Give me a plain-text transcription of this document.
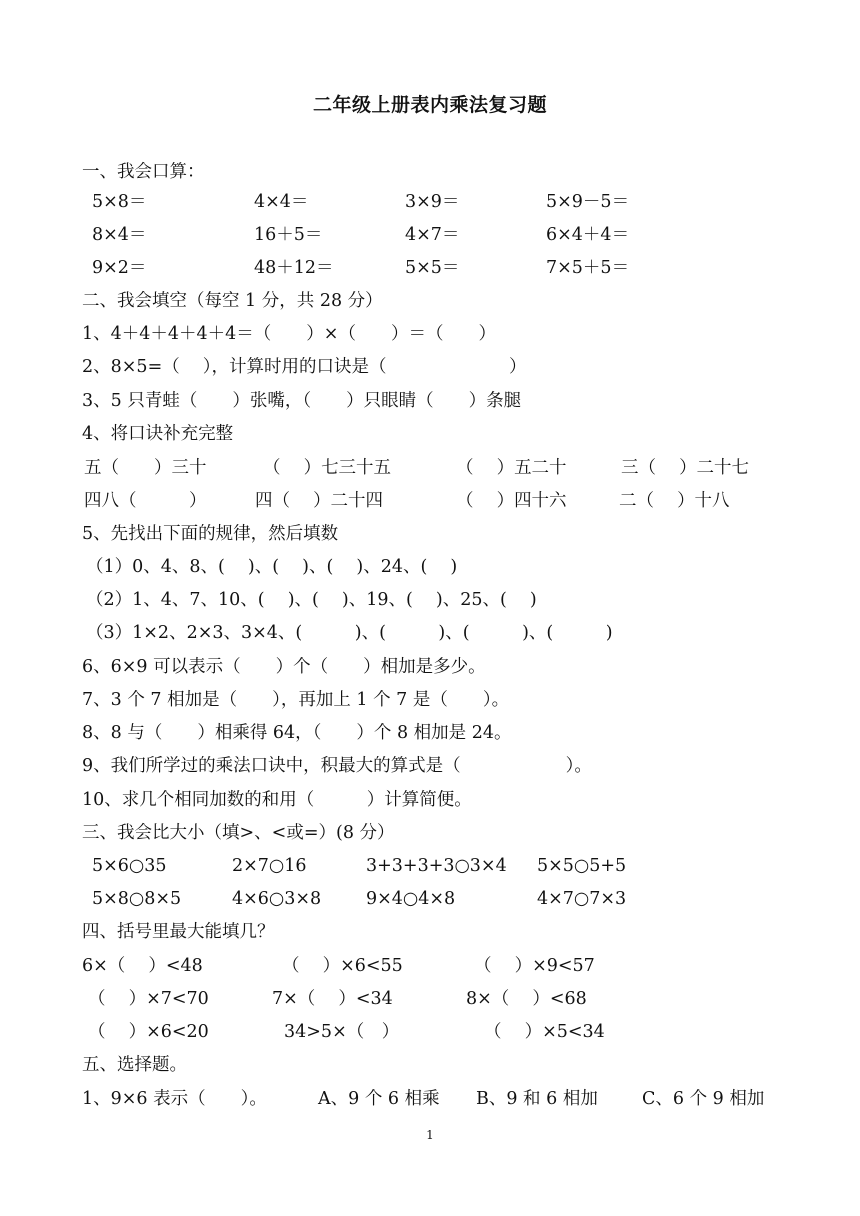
二年级上册表内乘法复习题
一、我会口算：
5×8＝	4×4＝	3×9＝	5×9－5＝
8×4＝	16＋5＝	4×7＝	6×4＋4＝
9×2＝	48＋12＝	5×5＝	7×5＋5＝
二、我会填空（每空 1 分，共 28 分）
1、4＋4＋4＋4＋4＝（　　）×（　　）＝（　　）
2、8×5=（　 ），计算时用的口诀是（　　　　　　　）
3、5 只青蛙（　　）张嘴，（　　）只眼睛（　　）条腿
4、将口诀补充完整
五（　　）三十	（　 ）七三十五	（　 ）五二十	三（　 ）二十七
四八（　　　）	四（　 ）二十四	（　 ）四十六	二（　 ）十八
5、先找出下面的规律，然后填数
（1）0、4、8、(　 )、(　 )、(　 )、24、(　 )
（2）1、4、7、10、(　 )、(　 )、19、(　 )、25、(　 )
（3）1×2、2×3、3×4、(　　　)、(　　　)、(　　　)、(　　　)
6、6×9 可以表示（　　）个（　　）相加是多少。
7、3 个 7 相加是（　　），再加上 1 个 7 是（　　）。
8、8 与（　　）相乘得 64，（　　）个 8 相加是 24。
9、我们所学过的乘法口诀中，积最大的算式是（　　　　　　）。
10、求几个相同加数的和用（　　　）计算简便。
三、我会比大小（填>、<或=）(8 分）
5×6○35	2×7○16	3+3+3+3○3×4 5×5○5+5
5×8○8×5	4×6○3×8	9×4○4×8	4×7○7×3
四、括号里最大能填几？
6×（　 ）<48	（　 ）×6<55	（　 ）×9<57
（　 ）×7<70	7×（　 ）<34	8×（　 ）<68
（　 ）×6<20	34>5×（　）	（　 ）×5<34
五、选择题。
1、9×6 表示（　　）。	A、9 个 6 相乘 B、9 和 6 相加	C、6 个 9 相加
1
